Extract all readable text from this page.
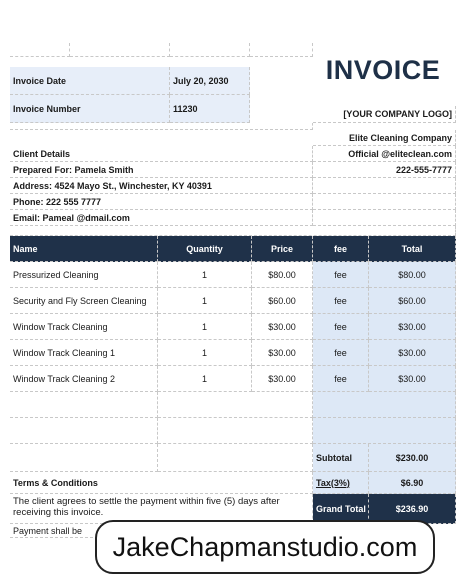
Invoice Date	July 20, 2030
Invoice Number	11230
[YOUR COMPANY LOGO]
Elite Cleaning Company
Client Details	Official @eliteclean.com
Prepared For: Pamela Smith	222-555-7777
Address: 4524 Mayo St., Winchester, KY 40391
Phone: 222 555 7777
Email: Pameal @dmail.com
Name	Quantity	Price	fee	Total
Pressurized Cleaning	1	$80.00	fee	$80.00
Security and Fly Screen Cleaning	1	$60.00	fee	$60.00
Window Track Cleaning	1	$30.00	fee	$30.00
Window Track Cleaning 1	1	$30.00	fee	$30.00
Window Track Cleaning 2	1	$30.00	fee	$30.00
Subtotal	$230.00
Terms & Conditions	Tax(3%)	$6.90
The client agrees to settle the payment within five (5) days after receiving this invoice.	Grand Total	$236.90
Payment shall be
INVOICE
JakeChapmanstudio.com
